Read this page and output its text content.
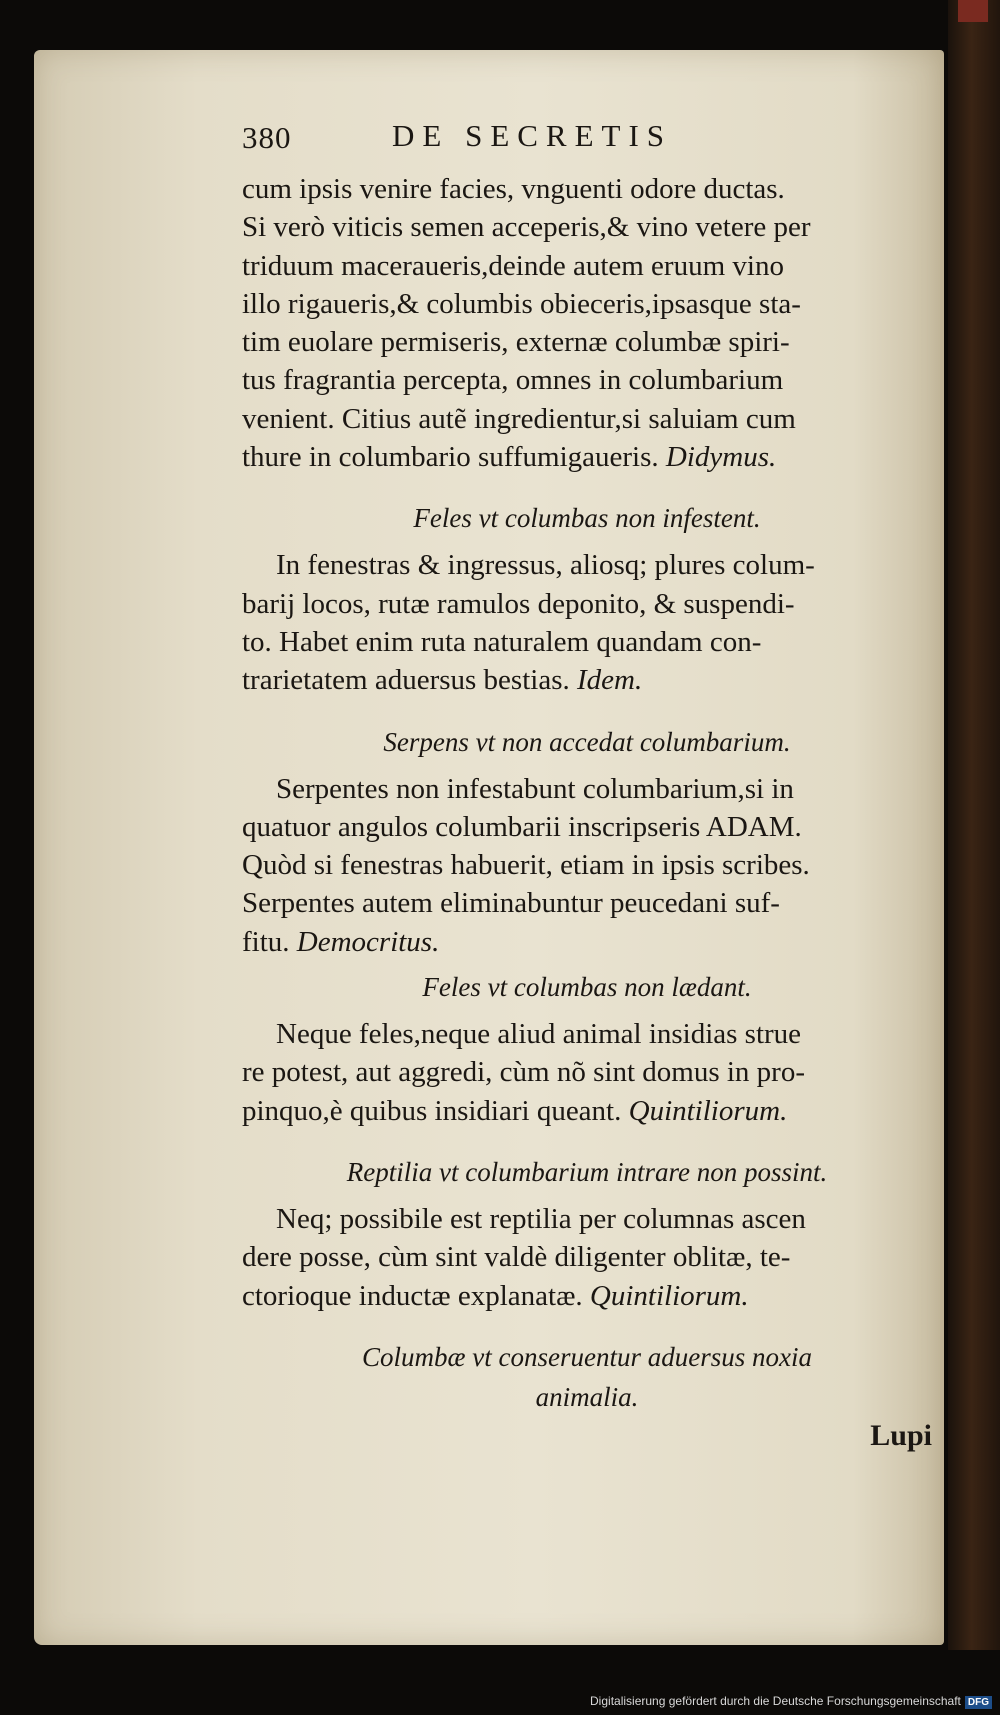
380	DE SECRETIS
cum ipsis venire facies, vnguenti odore ductas.
Si verò viticis semen acceperis,& vino vetere per
triduum maceraueris,deinde autem eruum vino
illo rigaueris,& columbis obieceris,ipsasque sta-
tim euolare permiseris, externæ columbæ spiri-
tus fragrantia percepta, omnes in columbarium
venient. Citius autẽ ingredientur,si saluiam cum
thure in columbario suffumigaueris. Didymus.
Feles vt columbas non infestent.
In fenestras & ingressus, aliosq; plures colum-
barij locos, rutæ ramulos deponito, & suspendi-
to. Habet enim ruta naturalem quandam con-
trarietatem aduersus bestias. Idem.
Serpens vt non accedat columbarium.
Serpentes non infestabunt columbarium,si in
quatuor angulos columbarii inscripseris ADAM.
Quòd si fenestras habuerit, etiam in ipsis scribes.
Serpentes autem eliminabuntur peucedani suf-
fitu. Democritus.
Feles vt columbas non lædant.
Neque feles,neque aliud animal insidias strue
re potest, aut aggredi, cùm nõ sint domus in pro-
pinquo,è quibus insidiari queant. Quintiliorum.
Reptilia vt columbarium intrare non possint.
Neq; possibile est reptilia per columnas ascen
dere posse, cùm sint valdè diligenter oblitæ, te-
ctorioque inductæ explanatæ. Quintiliorum.
Columbæ vt conseruentur aduersus noxia
animalia.
Lupi
Digitalisierung gefördert durch die Deutsche Forschungsgemeinschaft DFG
